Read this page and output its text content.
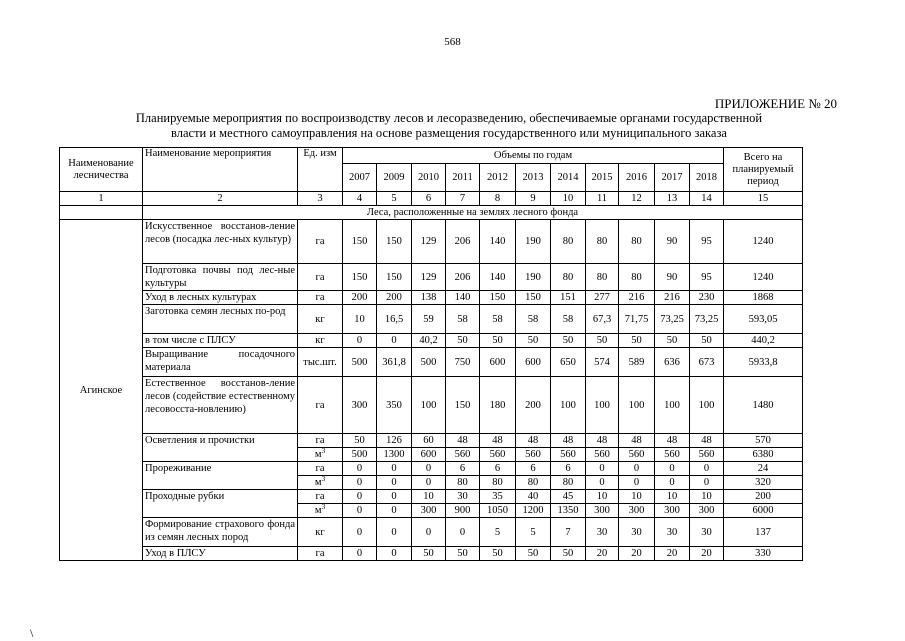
568
ПРИЛОЖЕНИЕ № 20
Планируемые мероприятия по воспроизводству лесов и лесоразведению, обеспечиваемые органами государственной
власти и местного самоуправления на основе размещения государственного или муниципального заказа
Наименование лесничества	Наименование мероприятия	Ед. изм	Объемы по годам											Всего на планируемый период
			2007	2009	2010	2011	2012	2013	2014	2015	2016	2017	2018	
1	2	3	4	5	6	7	8	9	10	11	12	13	14	15
	Леса, расположенные на землях лесного фонда													
Агинское	Искусственное восстанов-ление лесов (посадка лес-ных культур)	га	150	150	129	206	140	190	80	80	80	90	95	1240
	Подготовка почвы под лес-ные культуры	га	150	150	129	206	140	190	80	80	80	90	95	1240
	Уход в лесных культурах	га	200	200	138	140	150	150	151	277	216	216	230	1868
	Заготовка семян лесных по-род	кг	10	16,5	59	58	58	58	58	67,3	71,75	73,25	73,25	593,05
	в том числе с ПЛСУ	кг	0	0	40,2	50	50	50	50	50	50	50	50	440,2
	Выращивание посадочного материала	тыс.шт.	500	361,8	500	750	600	600	650	574	589	636	673	5933,8
	Естественное восстанов-ление лесов (содействие естественному лесовосста-новлению)	га	300	350	100	150	180	200	100	100	100	100	100	1480
	Осветления и прочистки	га	50	126	60	48	48	48	48	48	48	48	48	570
		$м^3$	500	1300	600	560	560	560	560	560	560	560	560	6380
	Прореживание	га	0	0	0	6	6	6	6	0	0	0	0	24
		$м^3$	0	0	0	80	80	80	80	0	0	0	0	320
	Проходные рубки	га	0	0	10	30	35	40	45	10	10	10	10	200
		$м^3$	0	0	300	900	1050	1200	1350	300	300	300	300	6000
	Формирование страхового фонда из семян лесных пород	кг	0	0	0	0	5	5	7	30	30	30	30	137
	Уход в ПЛСУ	га	0	0	50	50	50	50	50	20	20	20	20	330
\
